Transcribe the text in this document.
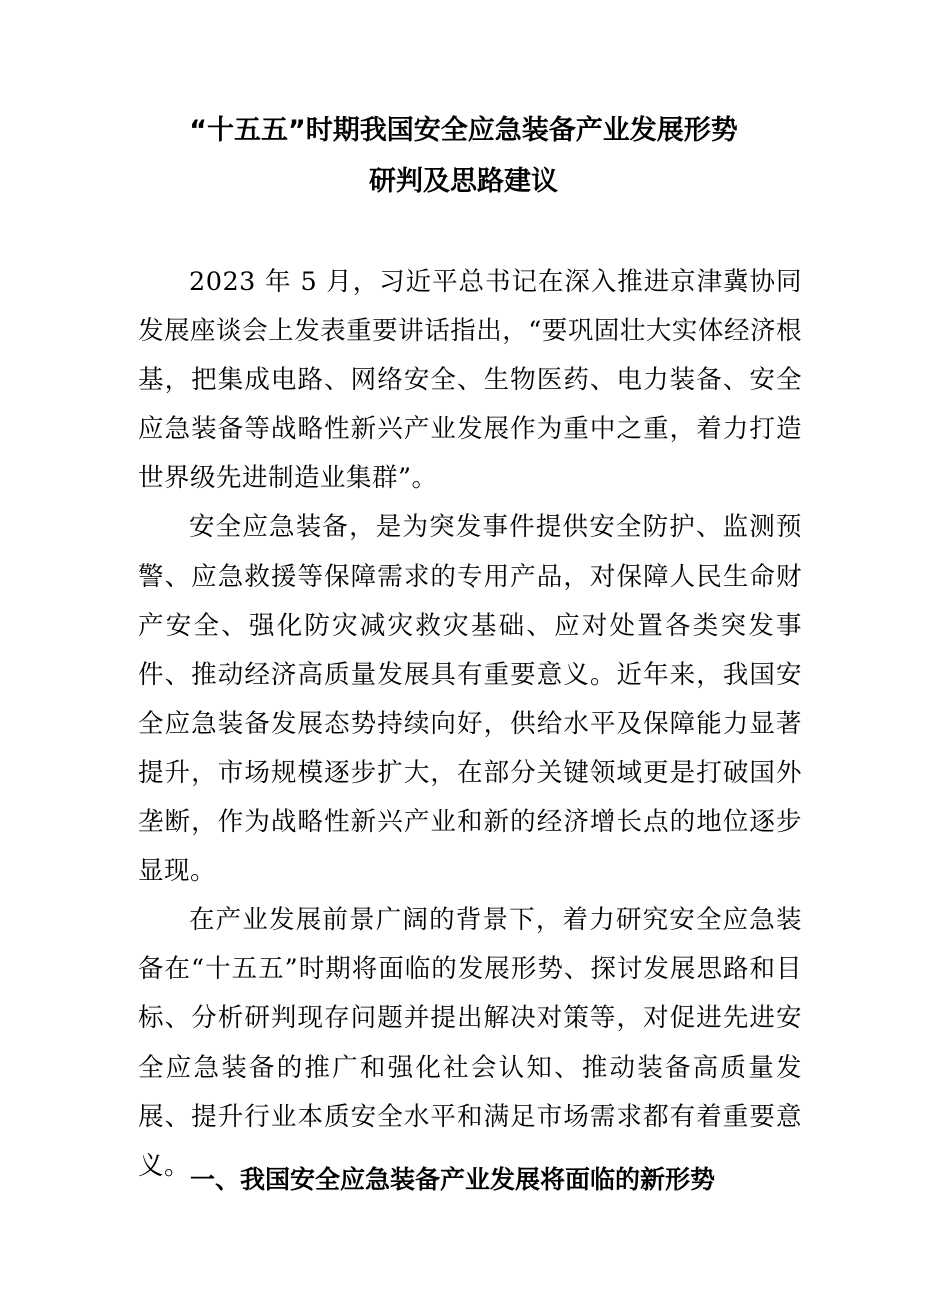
“十五五”时期我国安全应急装备产业发展形势
研判及思路建议

2023 年 5 月，习近平总书记在深入推进京津冀协同发展座谈会上发表重要讲话指出，“要巩固壮大实体经济根基，把集成电路、网络安全、生物医药、电力装备、安全应急装备等战略性新兴产业发展作为重中之重，着力打造世界级先进制造业集群”。

安全应急装备，是为突发事件提供安全防护、监测预警、应急救援等保障需求的专用产品，对保障人民生命财产安全、强化防灾减灾救灾基础、应对处置各类突发事件、推动经济高质量发展具有重要意义。近年来，我国安全应急装备发展态势持续向好，供给水平及保障能力显著提升，市场规模逐步扩大，在部分关键领域更是打破国外垄断，作为战略性新兴产业和新的经济增长点的地位逐步显现。

在产业发展前景广阔的背景下，着力研究安全应急装备在“十五五”时期将面临的发展形势、探讨发展思路和目标、分析研判现存问题并提出解决对策等，对促进先进安全应急装备的推广和强化社会认知、推动装备高质量发展、提升行业本质安全水平和满足市场需求都有着重要意义。 一、我国安全应急装备产业发展将面临的新形势
